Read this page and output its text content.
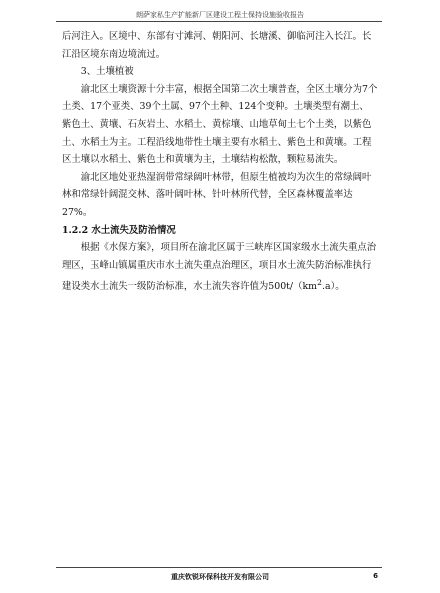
朗萨家私生产扩能新厂区建设工程土保持设施验收报告

后河注入。区境中、东部有寸滩河、朝阳河、长塘溪、御临河注入长江。长江沿区境东南边境流过。

3、土壤植被

渝北区土壤资源十分丰富，根据全国第二次土壤普查，全区土壤分为7个土类、17个亚类、39个土属、97个土种、124个变种。土壤类型有潮土、紫色土、黄壤、石灰岩土、水稻土、黄棕壤、山地草甸土七个土类，以紫色土、水稻土为主。工程沿线地带性土壤主要有水稻土、紫色土和黄壤。工程区土壤以水稻土、紫色土和黄壤为主，土壤结构松散，颗粒易流失。

渝北区地处亚热湿润带常绿阔叶林带，但原生植被均为次生的常绿阔叶林和常绿针阔混交林、落叶阔叶林、针叶林所代替，全区森林覆盖率达27%。

1.2.2 水土流失及防治情况

根据《水保方案》，项目所在渝北区属于三峡库区国家级水土流失重点治理区，玉峰山镇属重庆市水土流失重点治理区，项目水土流失防治标准执行建设类水土流失一级防治标准，水土流失容许值为$500t/(km^2.a)$。

重庆钦锐环保科技开发有限公司	6
